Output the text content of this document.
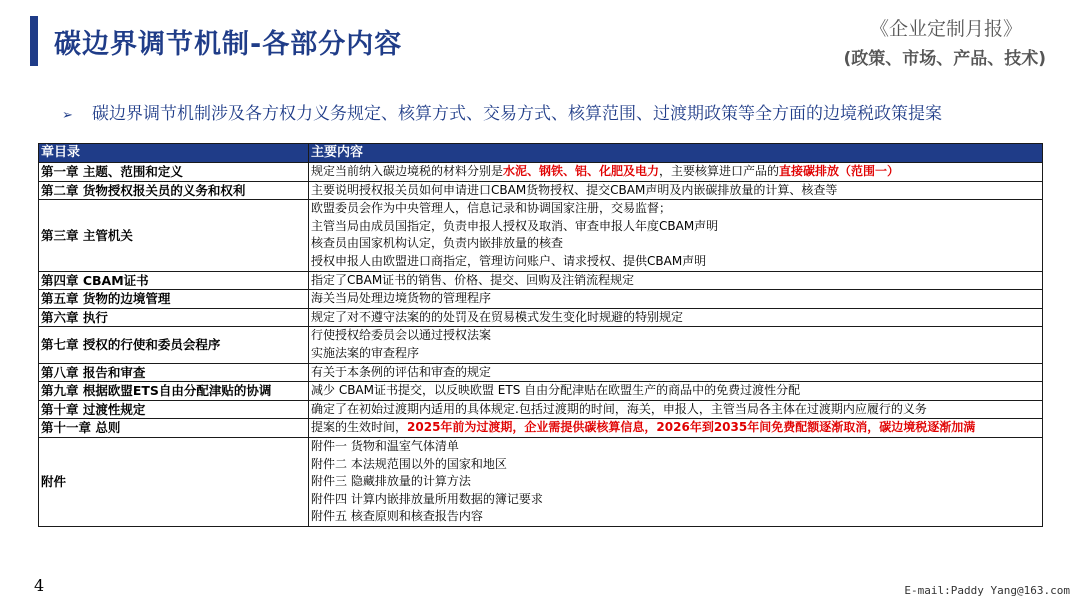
碳边界调节机制-各部分内容	《企业定制月报》
(政策、市场、产品、技术)
➢ 碳边界调节机制涉及各方权力义务规定、核算方式、交易方式、核算范围、过渡期政策等全方面的边境税政策提案
章目录	主要内容
第一章 主题、范围和定义	规定当前纳入碳边境税的材料分别是水泥、钢铁、铝、化肥及电力，主要核算进口产品的直接碳排放（范围一）
第二章 货物授权报关员的义务和权利	主要说明授权报关员如何申请进口CBAM货物授权、提交CBAM声明及内嵌碳排放量的计算、核查等

第三章 主管机关	欧盟委员会作为中央管理人，信息记录和协调国家注册，交易监督；
主管当局由成员国指定，负责申报人授权及取消、审查申报人年度CBAM声明
核查员由国家机构认定，负责内嵌排放量的核查
授权申报人由欧盟进口商指定，管理访问账户、请求授权、提供CBAM声明

第四章 CBAM证书	指定了CBAM证书的销售、价格、提交、回购及注销流程规定

第五章 货物的边境管理	海关当局处理边境货物的管理程序

第六章 执行	规定了对不遵守法案的的处罚及在贸易模式发生变化时规避的特别规定

第七章 授权的行使和委员会程序	行使授权给委员会以通过授权法案
实施法案的审查程序

第八章 报告和审查	有关于本条例的评估和审查的规定

第九章 根据欧盟ETS自由分配津贴的协调	减少 CBAM证书提交，以反映欧盟 ETS 自由分配津贴在欧盟生产的商品中的免费过渡性分配

第十章 过渡性规定	确定了在初始过渡期内适用的具体规定.包括过渡期的时间，海关，申报人，主管当局各主体在过渡期内应履行的义务

第十一章 总则	提案的生效时间，2025年前为过渡期，企业需提供碳核算信息，2026年到2035年间免费配额逐渐取消，碳边境税逐渐加满
附件	附件一 货物和温室气体清单
附件二 本法规范围以外的国家和地区
附件三 隐藏排放量的计算方法
附件四 计算内嵌排放量所用数据的簿记要求
附件五 核查原则和核查报告内容
4	E-mail:Paddy Yang@163.com
